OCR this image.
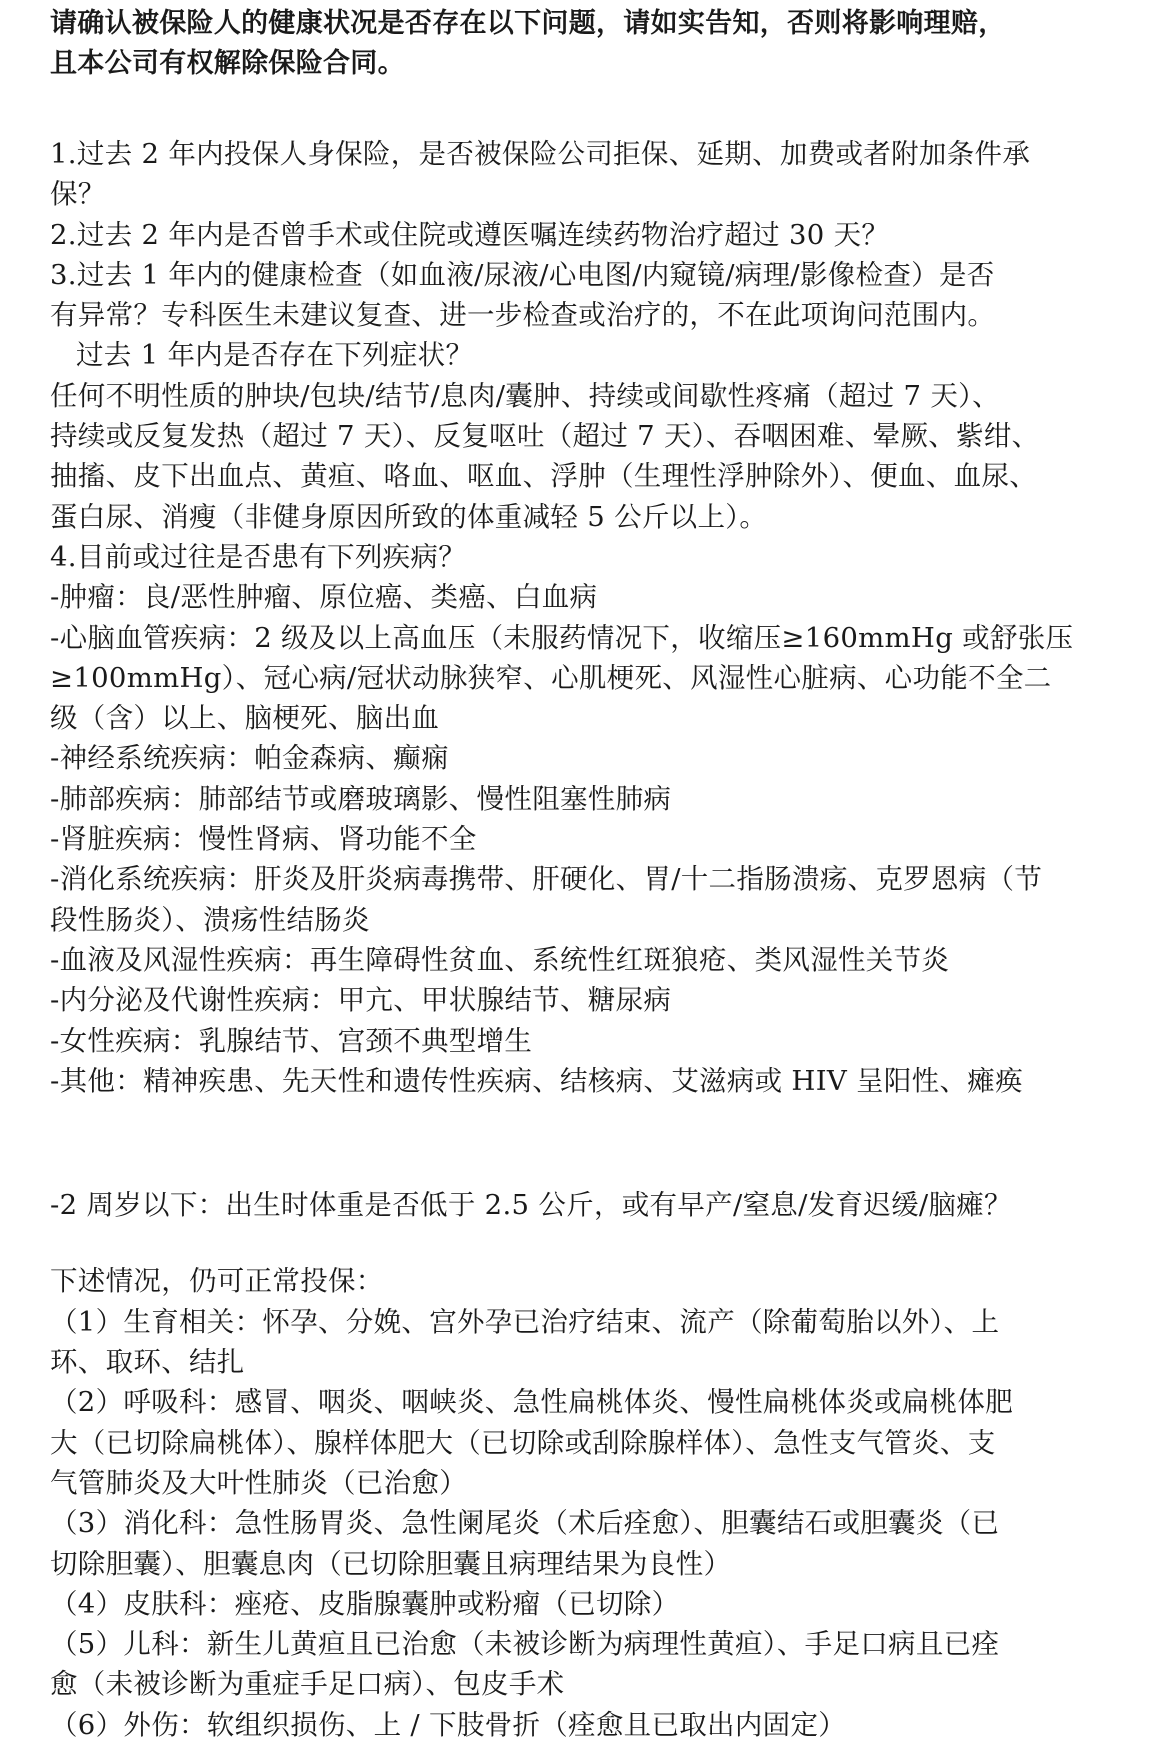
请确认被保险人的健康状况是否存在以下问题，请如实告知，否则将影响理赔，
且本公司有权解除保险合同。
1.过去 2 年内投保人身保险，是否被保险公司拒保、延期、加费或者附加条件承
保？
2.过去 2 年内是否曾手术或住院或遵医嘱连续药物治疗超过 30 天？
3.过去 1 年内的健康检查（如血液/尿液/心电图/内窥镜/病理/影像检查）是否
有异常？专科医生未建议复查、进一步检查或治疗的，不在此项询问范围内。
过去 1 年内是否存在下列症状？
任何不明性质的肿块/包块/结节/息肉/囊肿、持续或间歇性疼痛（超过 7 天）、
持续或反复发热（超过 7 天）、反复呕吐（超过 7 天）、吞咽困难、晕厥、紫绀、
抽搐、皮下出血点、黄疸、咯血、呕血、浮肿（生理性浮肿除外）、便血、血尿、
蛋白尿、消瘦（非健身原因所致的体重减轻 5 公斤以上）。
4.目前或过往是否患有下列疾病？
-肿瘤：良/恶性肿瘤、原位癌、类癌、白血病
-心脑血管疾病：2 级及以上高血压（未服药情况下，收缩压≥160mmHg 或舒张压
≥100mmHg）、冠心病/冠状动脉狭窄、心肌梗死、风湿性心脏病、心功能不全二
级（含）以上、脑梗死、脑出血
-神经系统疾病：帕金森病、癫痫
-肺部疾病：肺部结节或磨玻璃影、慢性阻塞性肺病
-肾脏疾病：慢性肾病、肾功能不全
-消化系统疾病：肝炎及肝炎病毒携带、肝硬化、胃/十二指肠溃疡、克罗恩病（节
段性肠炎）、溃疡性结肠炎
-血液及风湿性疾病：再生障碍性贫血、系统性红斑狼疮、类风湿性关节炎
-内分泌及代谢性疾病：甲亢、甲状腺结节、糖尿病
-女性疾病：乳腺结节、宫颈不典型增生
-其他：精神疾患、先天性和遗传性疾病、结核病、艾滋病或 HIV 呈阳性、瘫痪
-2 周岁以下：出生时体重是否低于 2.5 公斤，或有早产/窒息/发育迟缓/脑瘫？
下述情况，仍可正常投保：
（1）生育相关：怀孕、分娩、宫外孕已治疗结束、流产（除葡萄胎以外）、上
环、取环、结扎
（2）呼吸科：感冒、咽炎、咽峡炎、急性扁桃体炎、慢性扁桃体炎或扁桃体肥
大（已切除扁桃体）、腺样体肥大（已切除或刮除腺样体）、急性支气管炎、支
气管肺炎及大叶性肺炎（已治愈）
（3）消化科：急性肠胃炎、急性阑尾炎（术后痊愈）、胆囊结石或胆囊炎（已
切除胆囊）、胆囊息肉（已切除胆囊且病理结果为良性）
（4）皮肤科：痤疮、皮脂腺囊肿或粉瘤（已切除）
（5）儿科：新生儿黄疸且已治愈（未被诊断为病理性黄疸）、手足口病且已痊
愈（未被诊断为重症手足口病）、包皮手术
（6）外伤：软组织损伤、上 / 下肢骨折（痊愈且已取出内固定）
